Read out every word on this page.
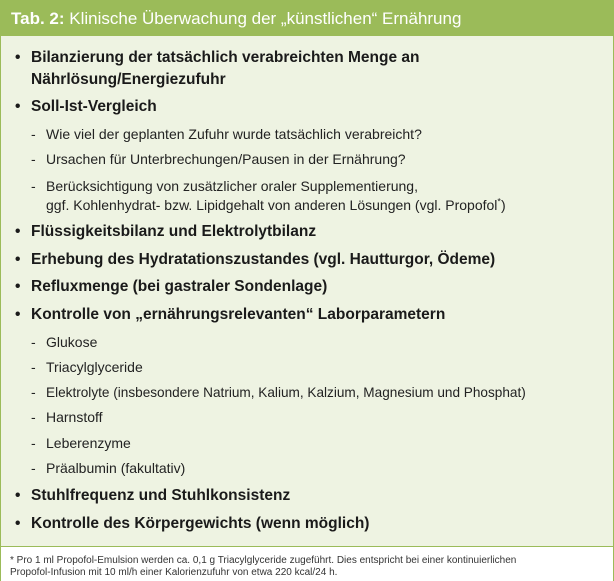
Tab. 2: Klinische Überwachung der „künstlichen“ Ernährung
• Bilanzierung der tatsächlich verabreichten Menge an
Nährlösung/Energiezufuhr
• Soll-Ist-Vergleich
- Wie viel der geplanten Zufuhr wurde tatsächlich verabreicht?
- Ursachen für Unterbrechungen/Pausen in der Ernährung?
- Berücksichtigung von zusätzlicher oraler Supplementierung,
ggf. Kohlenhydrat- bzw. Lipidgehalt von anderen Lösungen (vgl. Propofol*)
• Flüssigkeitsbilanz und Elektrolytbilanz
• Erhebung des Hydratationszustandes (vgl. Hautturgor, Ödeme)
• Refluxmenge (bei gastraler Sondenlage)
• Kontrolle von „ernährungsrelevanten“ Laborparametern
- Glukose
- Triacylglyceride
- Elektrolyte (insbesondere Natrium, Kalium, Kalzium, Magnesium und Phosphat)
- Harnstoff
- Leberenzyme
- Präalbumin (fakultativ)
• Stuhlfrequenz und Stuhlkonsistenz
• Kontrolle des Körpergewichts (wenn möglich)
* Pro 1 ml Propofol-Emulsion werden ca. 0,1 g Triacylglyceride zugeführt. Dies entspricht bei einer kontinuierlichen
Propofol-Infusion mit 10 ml/h einer Kalorienzufuhr von etwa 220 kcal/24 h.
